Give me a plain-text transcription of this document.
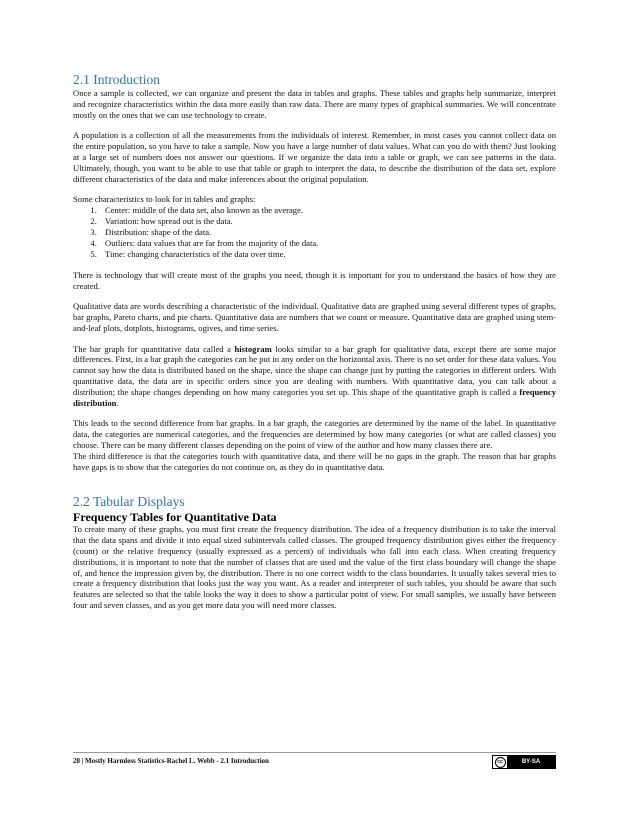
2.1 Introduction

Once a sample is collected, we can organize and present the data in tables and graphs. These tables and graphs help summarize, interpret and recognize characteristics within the data more easily than raw data. There are many types of graphical summaries. We will concentrate mostly on the ones that we can use technology to create.

A population is a collection of all the measurements from the individuals of interest. Remember, in most cases you cannot collect data on the entire population, so you have to take a sample. Now you have a large number of data values. What can you do with them? Just looking at a large set of numbers does not answer our questions. If we organize the data into a table or graph, we can see patterns in the data. Ultimately, though, you want to be able to use that table or graph to interpret the data, to describe the distribution of the data set, explore different characteristics of the data and make inferences about the original population.

Some characteristics to look for in tables and graphs:

1. Center: middle of the data set, also known as the average.
2. Variation: how spread out is the data.
3. Distribution: shape of the data.
4. Outliers: data values that are far from the majority of the data.
5. Time: changing characteristics of the data over time.

There is technology that will create most of the graphs you need, though it is important for you to understand the basics of how they are created.

Qualitative data are words describing a characteristic of the individual. Qualitative data are graphed using several different types of graphs, bar graphs, Pareto charts, and pie charts. Quantitative data are numbers that we count or measure. Quantitative data are graphed using stem-and-leaf plots, dotplots, histograms, ogives, and time series.

The bar graph for quantitative data called a histogram looks similar to a bar graph for qualitative data, except there are some major differences. First, in a bar graph the categories can be put in any order on the horizontal axis. There is no set order for these data values. You cannot say how the data is distributed based on the shape, since the shape can change just by putting the categories in different orders. With quantitative data, the data are in specific orders since you are dealing with numbers. With quantitative data, you can talk about a distribution; the shape changes depending on how many categories you set up. This shape of the quantitative graph is called a frequency distribution.

This leads to the second difference from bar graphs. In a bar graph, the categories are determined by the name of the label. In quantitative data, the categories are numerical categories, and the frequencies are determined by how many categories (or what are called classes) you choose. There can be many different classes depending on the point of view of the author and how many classes there are.

The third difference is that the categories touch with quantitative data, and there will be no gaps in the graph. The reason that bar graphs have gaps is to show that the categories do not continue on, as they do in quantitative data.

2.2 Tabular Displays
Frequency Tables for Quantitative Data

To create many of these graphs, you must first create the frequency distribution. The idea of a frequency distribution is to take the interval that the data spans and divide it into equal sized subintervals called classes. The grouped frequency distribution gives either the frequency (count) or the relative frequency (usually expressed as a percent) of individuals who fall into each class. When creating frequency distributions, it is important to note that the number of classes that are used and the value of the first class boundary will change the shape of, and hence the impression given by, the distribution. There is no one correct width to the class boundaries. It usually takes several tries to create a frequency distribution that looks just the way you want. As a reader and interpreter of such tables, you should be aware that such features are selected so that the table looks the way it does to show a particular point of view. For small samples, we usually have between four and seven classes, and as you get more data you will need more classes.

28 | Mostly Harmless Statistics-Rachel L. Webb - 2.1 Introduction	cc	BY-SA
